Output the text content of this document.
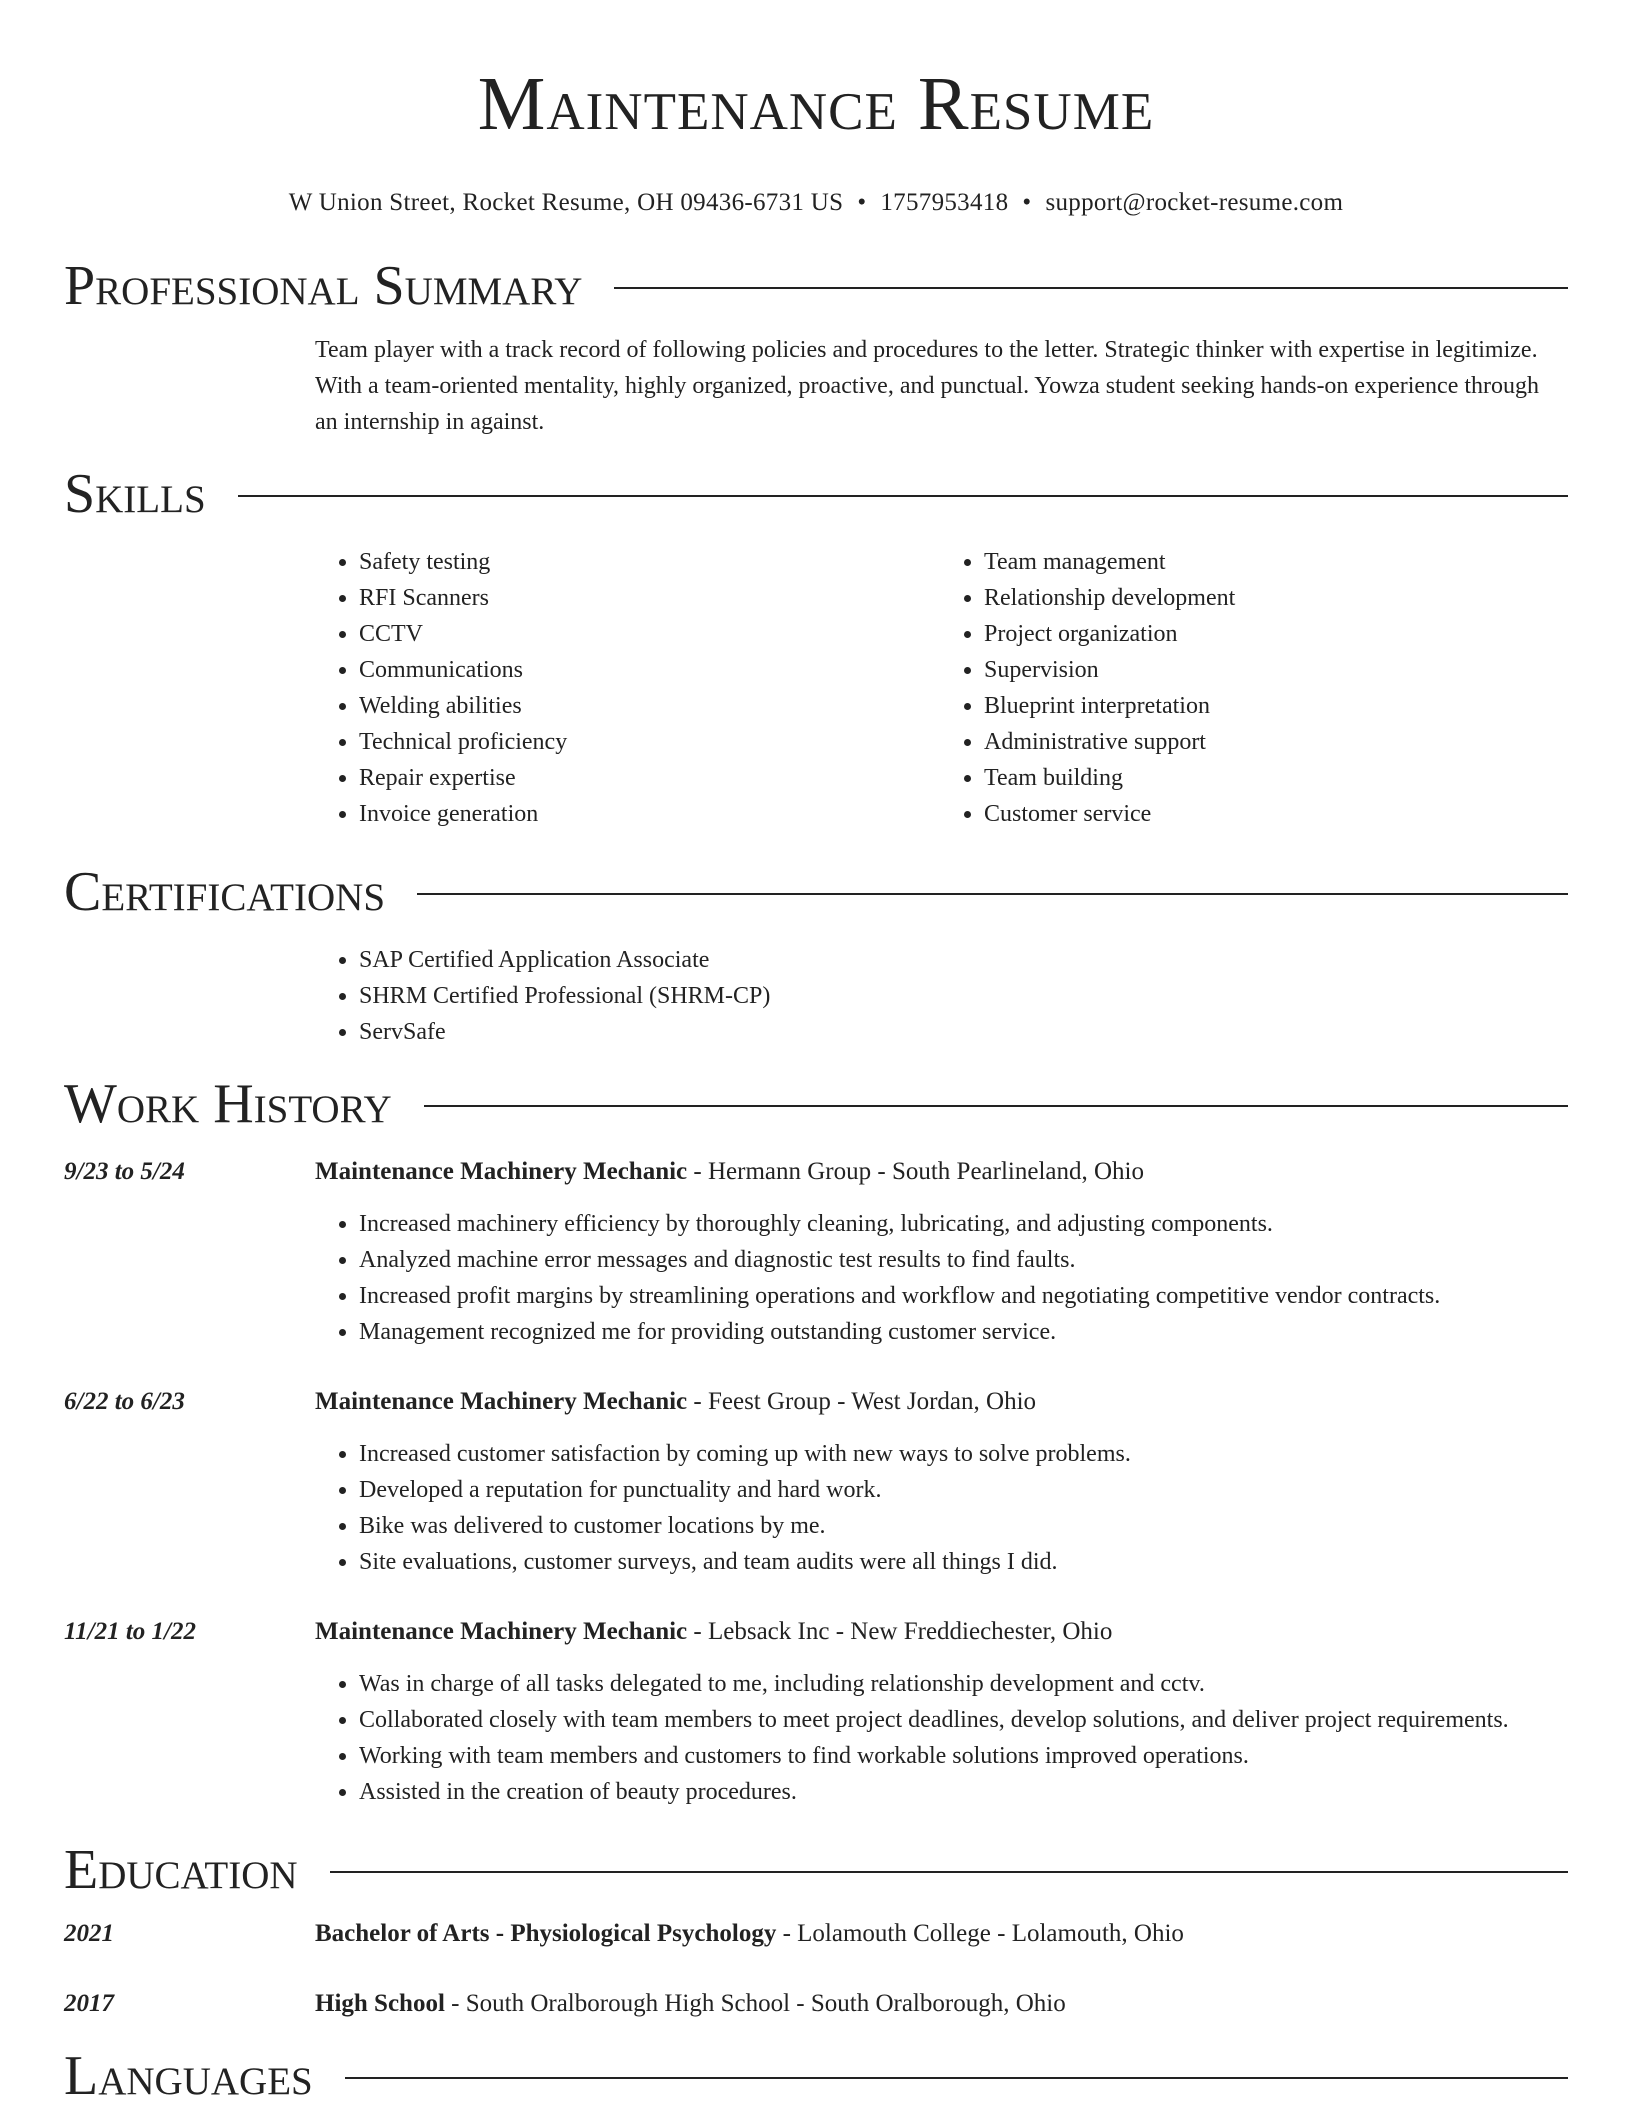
Maintenance Resume
W Union Street, Rocket Resume, OH 09436-6731 US • 1757953418 • support@rocket-resume.com
Professional Summary

Team player with a track record of following policies and procedures to the letter. Strategic thinker with expertise in legitimize. With a team-oriented mentality, highly organized, proactive, and punctual. Yowza student seeking hands-on experience through an internship in against.

Skills
• Safety testing
• RFI Scanners
• CCTV
• Communications
• Welding abilities
• Technical proficiency
• Repair expertise
• Invoice generation
• Team management
• Relationship development
• Project organization
• Supervision
• Blueprint interpretation
• Administrative support
• Team building
• Customer service
Certifications
• SAP Certified Application Associate
• SHRM Certified Professional (SHRM-CP)
• ServSafe
Work History
9/23 to 5/24	Maintenance Machinery Mechanic - Hermann Group - South Pearlineland, Ohio
• Increased machinery efficiency by thoroughly cleaning, lubricating, and adjusting components.
• Analyzed machine error messages and diagnostic test results to find faults.
• Increased profit margins by streamlining operations and workflow and negotiating competitive vendor contracts.
• Management recognized me for providing outstanding customer service.
6/22 to 6/23	Maintenance Machinery Mechanic - Feest Group - West Jordan, Ohio
• Increased customer satisfaction by coming up with new ways to solve problems.
• Developed a reputation for punctuality and hard work.
• Bike was delivered to customer locations by me.
• Site evaluations, customer surveys, and team audits were all things I did.
11/21 to 1/22	Maintenance Machinery Mechanic - Lebsack Inc - New Freddiechester, Ohio
• Was in charge of all tasks delegated to me, including relationship development and cctv.
• Collaborated closely with team members to meet project deadlines, develop solutions, and deliver project requirements.
• Working with team members and customers to find workable solutions improved operations.
• Assisted in the creation of beauty procedures.
Education
2021	Bachelor of Arts - Physiological Psychology - Lolamouth College - Lolamouth, Ohio
2017	High School - South Oralborough High School - South Oralborough, Ohio
Languages
